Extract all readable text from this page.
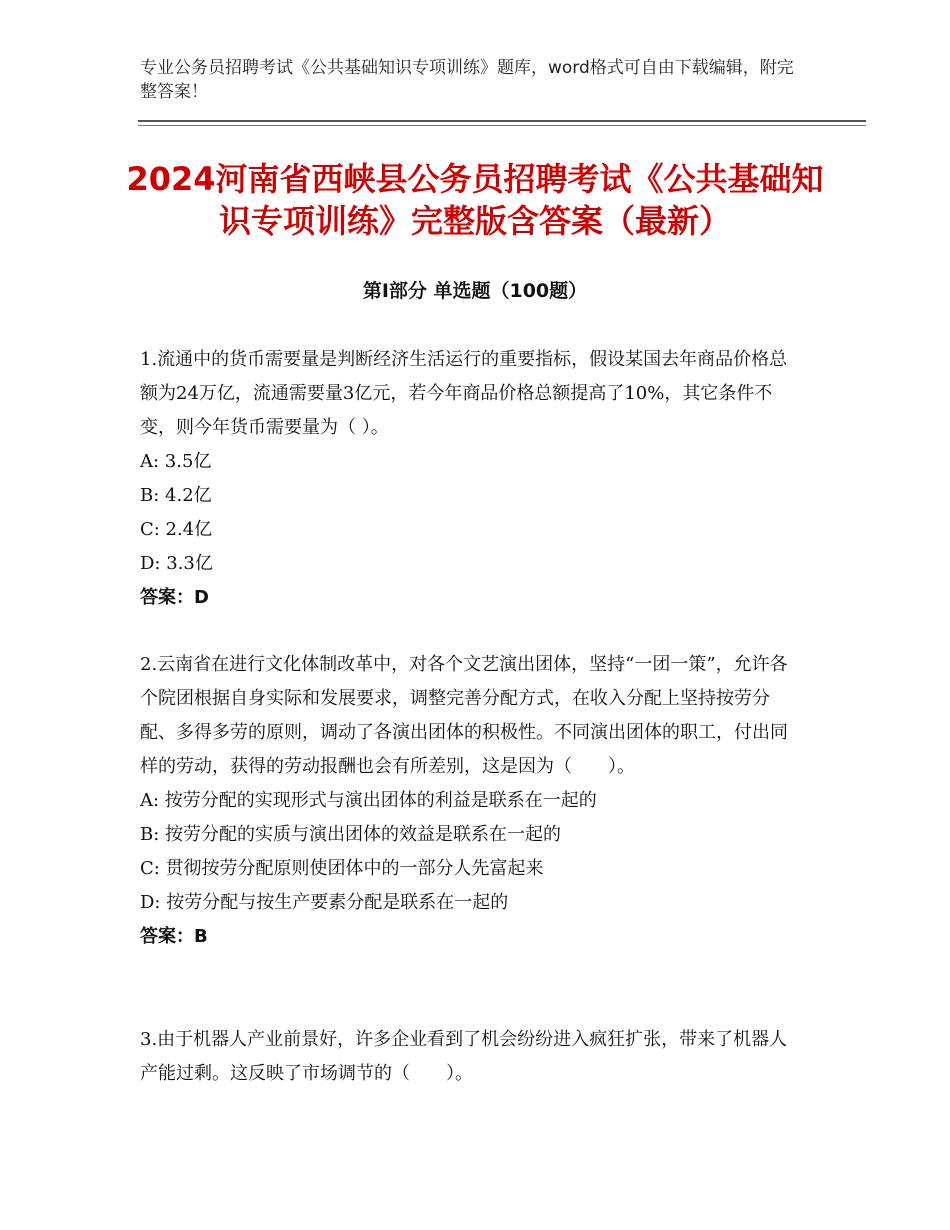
专业公务员招聘考试《公共基础知识专项训练》题库，word格式可自由下载编辑，附完整答案！
2024河南省西峡县公务员招聘考试《公共基础知识专项训练》完整版含答案（最新）
第Ⅰ部分 单选题（100题）

1.流通中的货币需要量是判断经济生活运行的重要指标，假设某国去年商品价格总额为24万亿，流通需要量3亿元，若今年商品价格总额提高了10%，其它条件不变，则今年货币需要量为（ ）。

A: 3.5亿

B: 4.2亿

C: 2.4亿

D: 3.3亿

答案：D

2.云南省在进行文化体制改革中，对各个文艺演出团体，坚持“一团一策”，允许各个院团根据自身实际和发展要求，调整完善分配方式，在收入分配上坚持按劳分配、多得多劳的原则，调动了各演出团体的积极性。不同演出团体的职工，付出同样的劳动，获得的劳动报酬也会有所差别，这是因为（　　）。

A: 按劳分配的实现形式与演出团体的利益是联系在一起的

B: 按劳分配的实质与演出团体的效益是联系在一起的

C: 贯彻按劳分配原则使团体中的一部分人先富起来

D: 按劳分配与按生产要素分配是联系在一起的

答案：B

3.由于机器人产业前景好，许多企业看到了机会纷纷进入疯狂扩张，带来了机器人产能过剩。这反映了市场调节的（　　）。
